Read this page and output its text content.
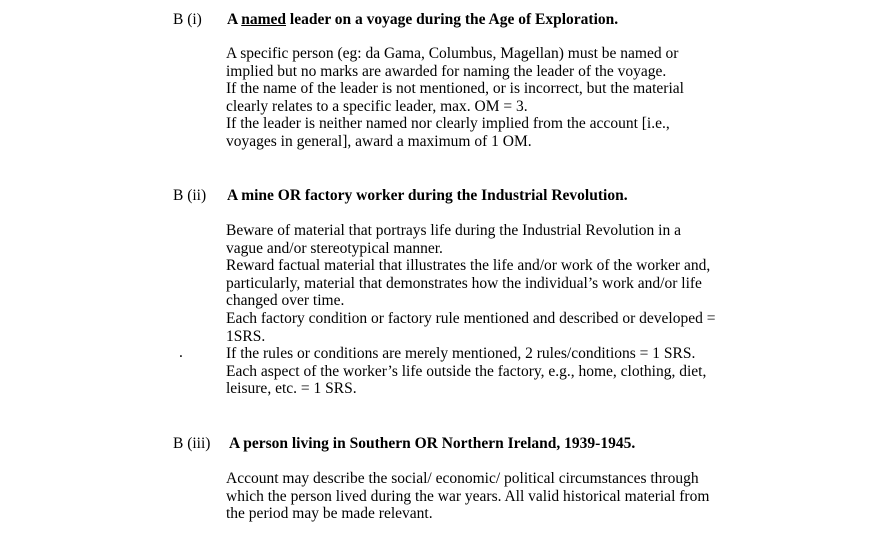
B (i) A named leader on a voyage during the Age of Exploration.
A specific person (eg: da Gama, Columbus, Magellan) must be named or
implied but no marks are awarded for naming the leader of the voyage.
If the name of the leader is not mentioned, or is incorrect, but the material
clearly relates to a specific leader, max. OM = 3.
If the leader is neither named nor clearly implied from the account [i.e.,
voyages in general], award a maximum of 1 OM.
B (ii) A mine OR factory worker during the Industrial Revolution.
Beware of material that portrays life during the Industrial Revolution in a
vague and/or stereotypical manner.
Reward factual material that illustrates the life and/or work of the worker and,
particularly, material that demonstrates how the individual’s work and/or life
changed over time.
Each factory condition or factory rule mentioned and described or developed =
1SRS.
If the rules or conditions are merely mentioned, 2 rules/conditions = 1 SRS.
Each aspect of the worker’s life outside the factory, e.g., home, clothing, diet,
leisure, etc. = 1 SRS.
.
B (iii) A person living in Southern OR Northern Ireland, 1939-1945.
Account may describe the social/ economic/ political circumstances through
which the person lived during the war years. All valid historical material from
the period may be made relevant.
